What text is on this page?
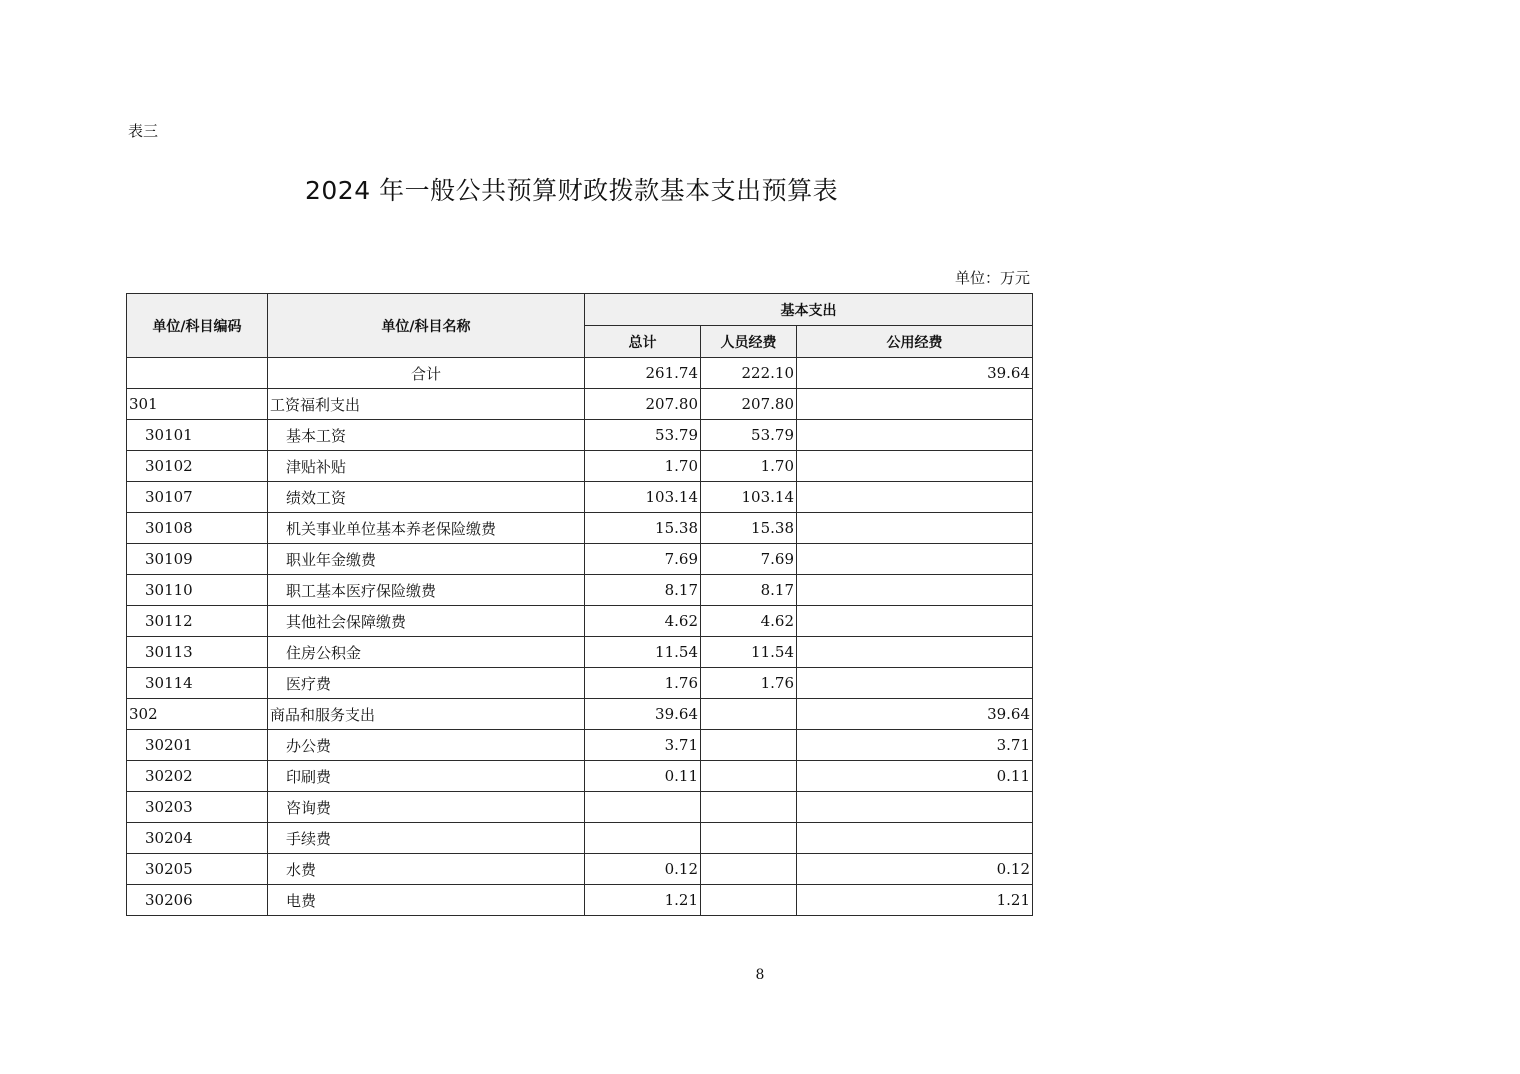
表三
2024 年一般公共预算财政拨款基本支出预算表
单位：万元
单位/科目编码	单位/科目名称	基本支出		
		总计	人员经费	公用经费
	合计	261.74	222.10	39.64
301	工资福利支出	207.80	207.80	
30101	基本工资	53.79	53.79	
30102	津贴补贴	1.70	1.70	
30107	绩效工资	103.14	103.14	
30108	机关事业单位基本养老保险缴费	15.38	15.38	
30109	职业年金缴费	7.69	7.69	
30110	职工基本医疗保险缴费	8.17	8.17	
30112	其他社会保障缴费	4.62	4.62	
30113	住房公积金	11.54	11.54	
30114	医疗费	1.76	1.76	
302	商品和服务支出	39.64		39.64
30201	办公费	3.71		3.71
30202	印刷费	0.11		0.11
30203	咨询费			
30204	手续费			
30205	水费	0.12		0.12
30206	电费	1.21		1.21
8
